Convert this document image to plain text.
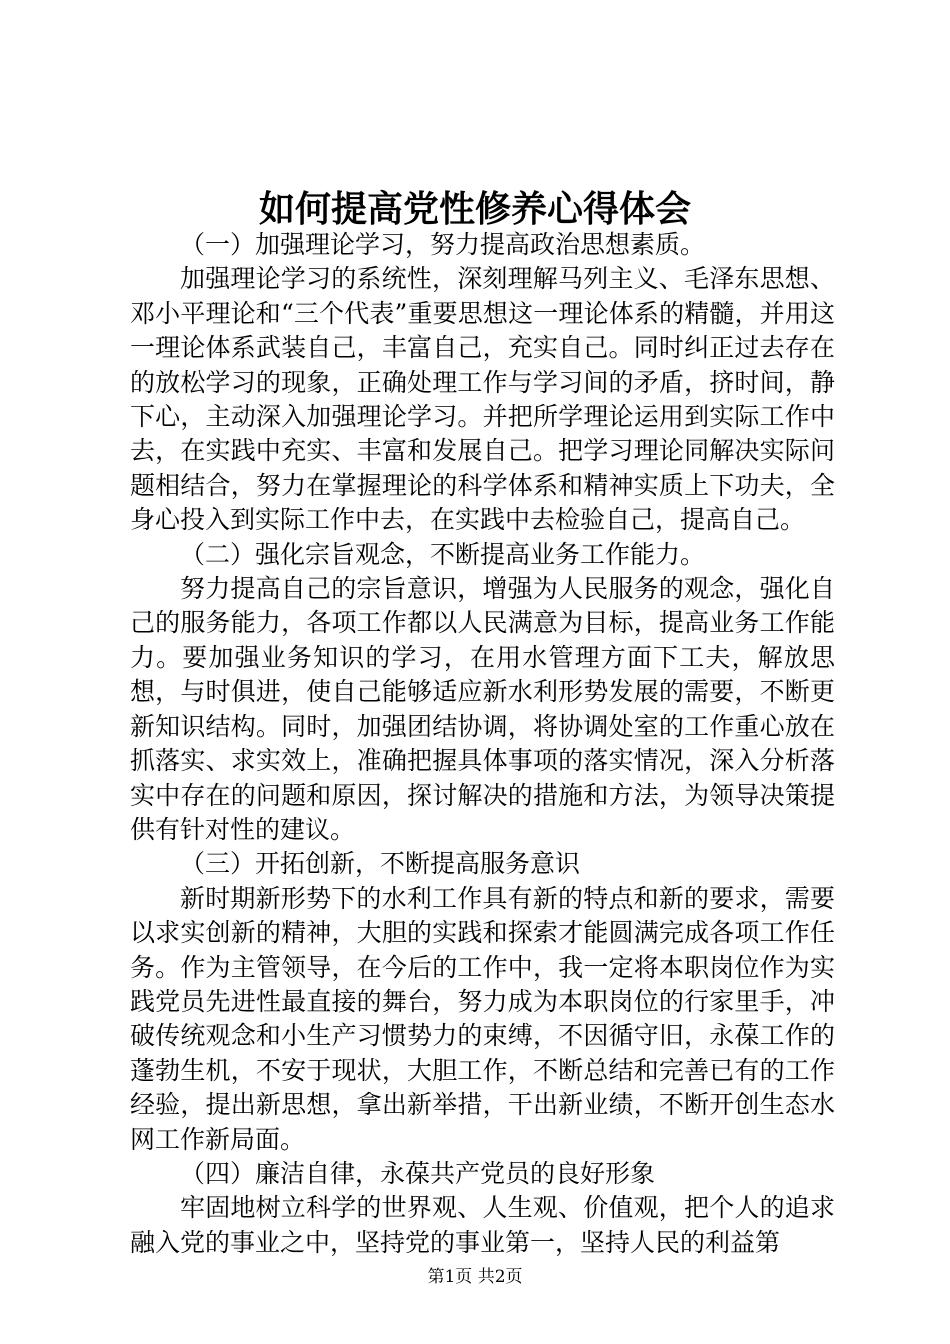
如何提高党性修养心得体会

（一）加强理论学习，努力提高政治思想素质。

加强理论学习的系统性，深刻理解马列主义、毛泽东思想、邓小平理论和“三个代表”重要思想这一理论体系的精髓，并用这一理论体系武装自己，丰富自己，充实自己。同时纠正过去存在的放松学习的现象，正确处理工作与学习间的矛盾，挤时间，静下心，主动深入加强理论学习。并把所学理论运用到实际工作中去，在实践中充实、丰富和发展自己。把学习理论同解决实际问题相结合，努力在掌握理论的科学体系和精神实质上下功夫，全身心投入到实际工作中去，在实践中去检验自己，提高自己。

（二）强化宗旨观念，不断提高业务工作能力。

努力提高自己的宗旨意识，增强为人民服务的观念，强化自己的服务能力，各项工作都以人民满意为目标，提高业务工作能力。要加强业务知识的学习，在用水管理方面下工夫，解放思想，与时俱进，使自己能够适应新水利形势发展的需要，不断更新知识结构。同时，加强团结协调，将协调处室的工作重心放在抓落实、求实效上，准确把握具体事项的落实情况，深入分析落实中存在的问题和原因，探讨解决的措施和方法，为领导决策提供有针对性的建议。

（三）开拓创新，不断提高服务意识

新时期新形势下的水利工作具有新的特点和新的要求，需要以求实创新的精神，大胆的实践和探索才能圆满完成各项工作任务。作为主管领导，在今后的工作中，我一定将本职岗位作为实践党员先进性最直接的舞台，努力成为本职岗位的行家里手，冲破传统观念和小生产习惯势力的束缚，不因循守旧，永葆工作的蓬勃生机，不安于现状，大胆工作，不断总结和完善已有的工作经验，提出新思想，拿出新举措，干出新业绩，不断开创生态水网工作新局面。

（四）廉洁自律，永葆共产党员的良好形象

牢固地树立科学的世界观、人生观、价值观，把个人的追求融入党的事业之中，坚持党的事业第一，坚持人民的利益第

第1页 共2页
